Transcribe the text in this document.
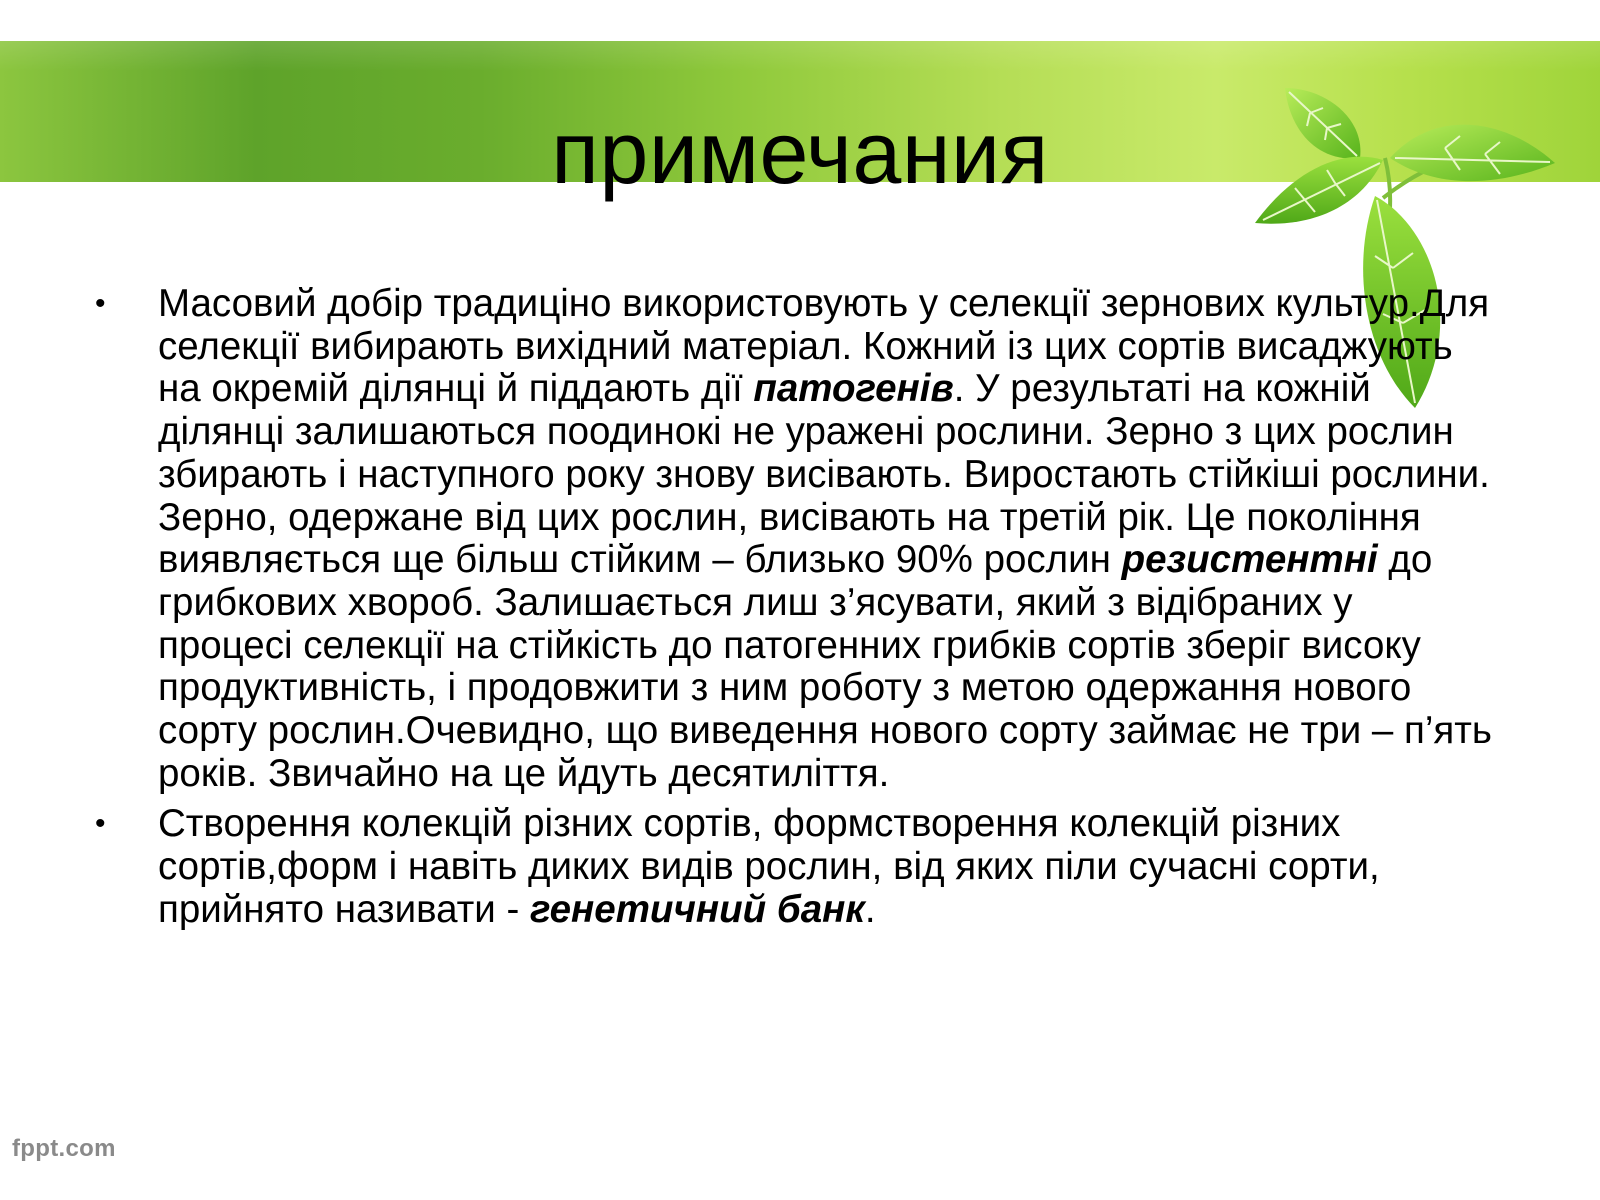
примечания
•	Масовий добір традиціно використовують у селекції зернових культур.Для селекції вибирають вихідний матеріал. Кожний із цих сортів висаджують на окремій ділянці й піддають дії патогенів. У результаті на кожній ділянці залишаються поодинокі не уражені рослини. Зерно з цих рослин збирають і наступного року знову висівають. Виростають стійкіші рослини. Зерно, одержане від цих рослин, висівають на третій рік. Це покоління виявляється ще більш стійким – близько 90% рослин резистентні до грибкових хвороб. Залишається лиш з’ясувати, який з відібраних у процесі селекції на стійкість до патогенних грибків сортів зберіг високу продуктивність, і продовжити з ним роботу з метою одержання нового сорту рослин.Очевидно, що виведення нового сорту займає не три – п’ять років. Звичайно на це йдуть десятиліття.
•	Створення колекцій різних сортів, формстворення колекцій різних сортів,форм і навіть диких видів рослин, від яких піли сучасні сорти, прийнято називати - генетичний банк.
fppt.com
